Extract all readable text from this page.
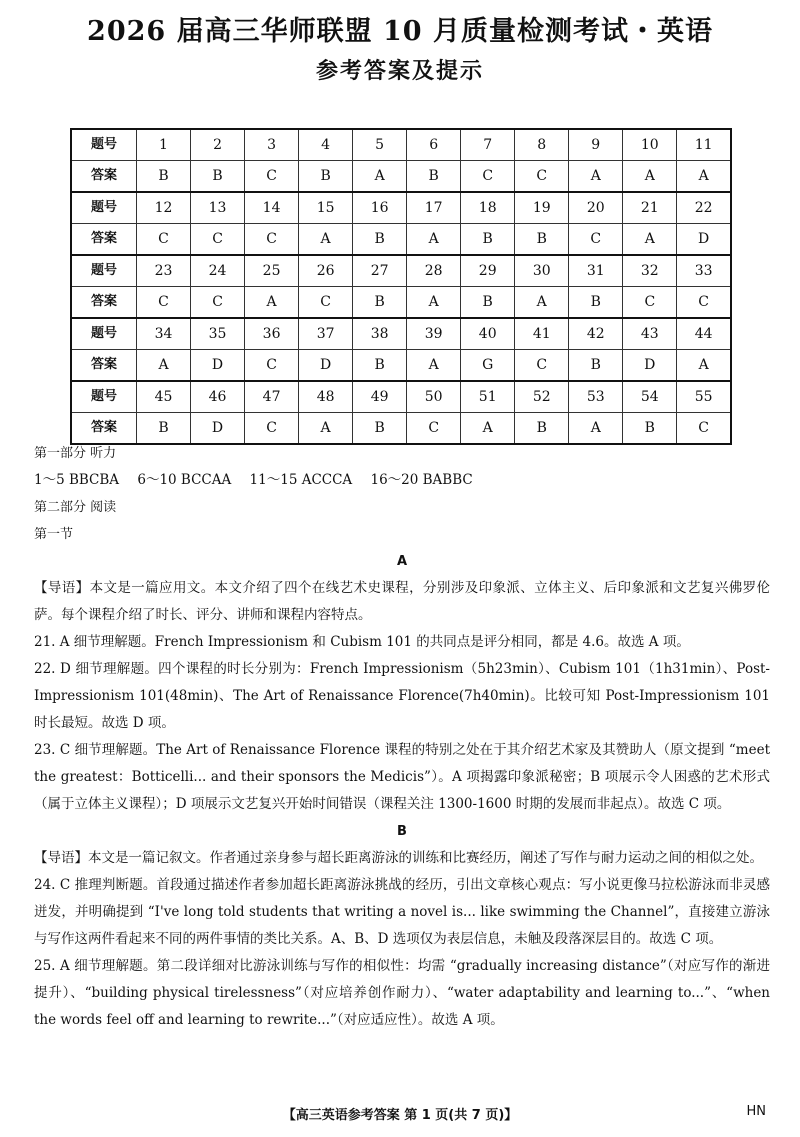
2026 届高三华师联盟 10 月质量检测考试・英语
参考答案及提示
题号	1	2	3	4	5	6	7	8	9	10	11
答案	B	B	C	B	A	B	C	C	A	A	A
题号	12	13	14	15	16	17	18	19	20	21	22
答案	C	C	C	A	B	A	B	B	C	A	D
题号	23	24	25	26	27	28	29	30	31	32	33
答案	C	C	A	C	B	A	B	A	B	C	C
题号	34	35	36	37	38	39	40	41	42	43	44
答案	A	D	C	D	B	A	G	C	B	D	A
题号	45	46	47	48	49	50	51	52	53	54	55
答案	B	D	C	A	B	C	A	B	A	B	C
第一部分 听力
1～5 BBCBA 6～10 BCCAA 11～15 ACCCA 16～20 BABBC
第二部分 阅读
第一节
A
【导语】本文是一篇应用文。本文介绍了四个在线艺术史课程，分别涉及印象派、立体主义、后印象派和文艺复兴佛罗伦萨。每个课程介绍了时长、评分、讲师和课程内容特点。
21. A 细节理解题。French Impressionism 和 Cubism 101 的共同点是评分相同，都是 4.6。故选 A 项。
22. D 细节理解题。四个课程的时长分别为：French Impressionism（5h23min）、Cubism 101（1h31min）、Post-Impressionism 101(48min)、The Art of Renaissance Florence(7h40min)。比较可知 Post-Impressionism 101 时长最短。故选 D 项。
23. C 细节理解题。The Art of Renaissance Florence 课程的特别之处在于其介绍艺术家及其赞助人（原文提到 “meet the greatest：Botticelli... and their sponsors the Medicis”）。A 项揭露印象派秘密；B 项展示令人困惑的艺术形式（属于立体主义课程）；D 项展示文艺复兴开始时间错误（课程关注 1300-1600 时期的发展而非起点）。故选 C 项。
B
【导语】本文是一篇记叙文。作者通过亲身参与超长距离游泳的训练和比赛经历，阐述了写作与耐力运动之间的相似之处。
24. C 推理判断题。首段通过描述作者参加超长距离游泳挑战的经历，引出文章核心观点：写小说更像马拉松游泳而非灵感迸发，并明确提到 “I've long told students that writing a novel is... like swimming the Channel”，直接建立游泳与写作这两件看起来不同的两件事情的类比关系。A、B、D 选项仅为表层信息，未触及段落深层目的。故选 C 项。
25. A 细节理解题。第二段详细对比游泳训练与写作的相似性：均需 “gradually increasing distance”（对应写作的渐进提升）、“building physical tirelessness”（对应培养创作耐力）、“water adaptability and learning to...”、“when the words feel off and learning to rewrite...”（对应适应性）。故选 A 项。
【高三英语参考答案 第 1 页(共 7 页)】	HN
